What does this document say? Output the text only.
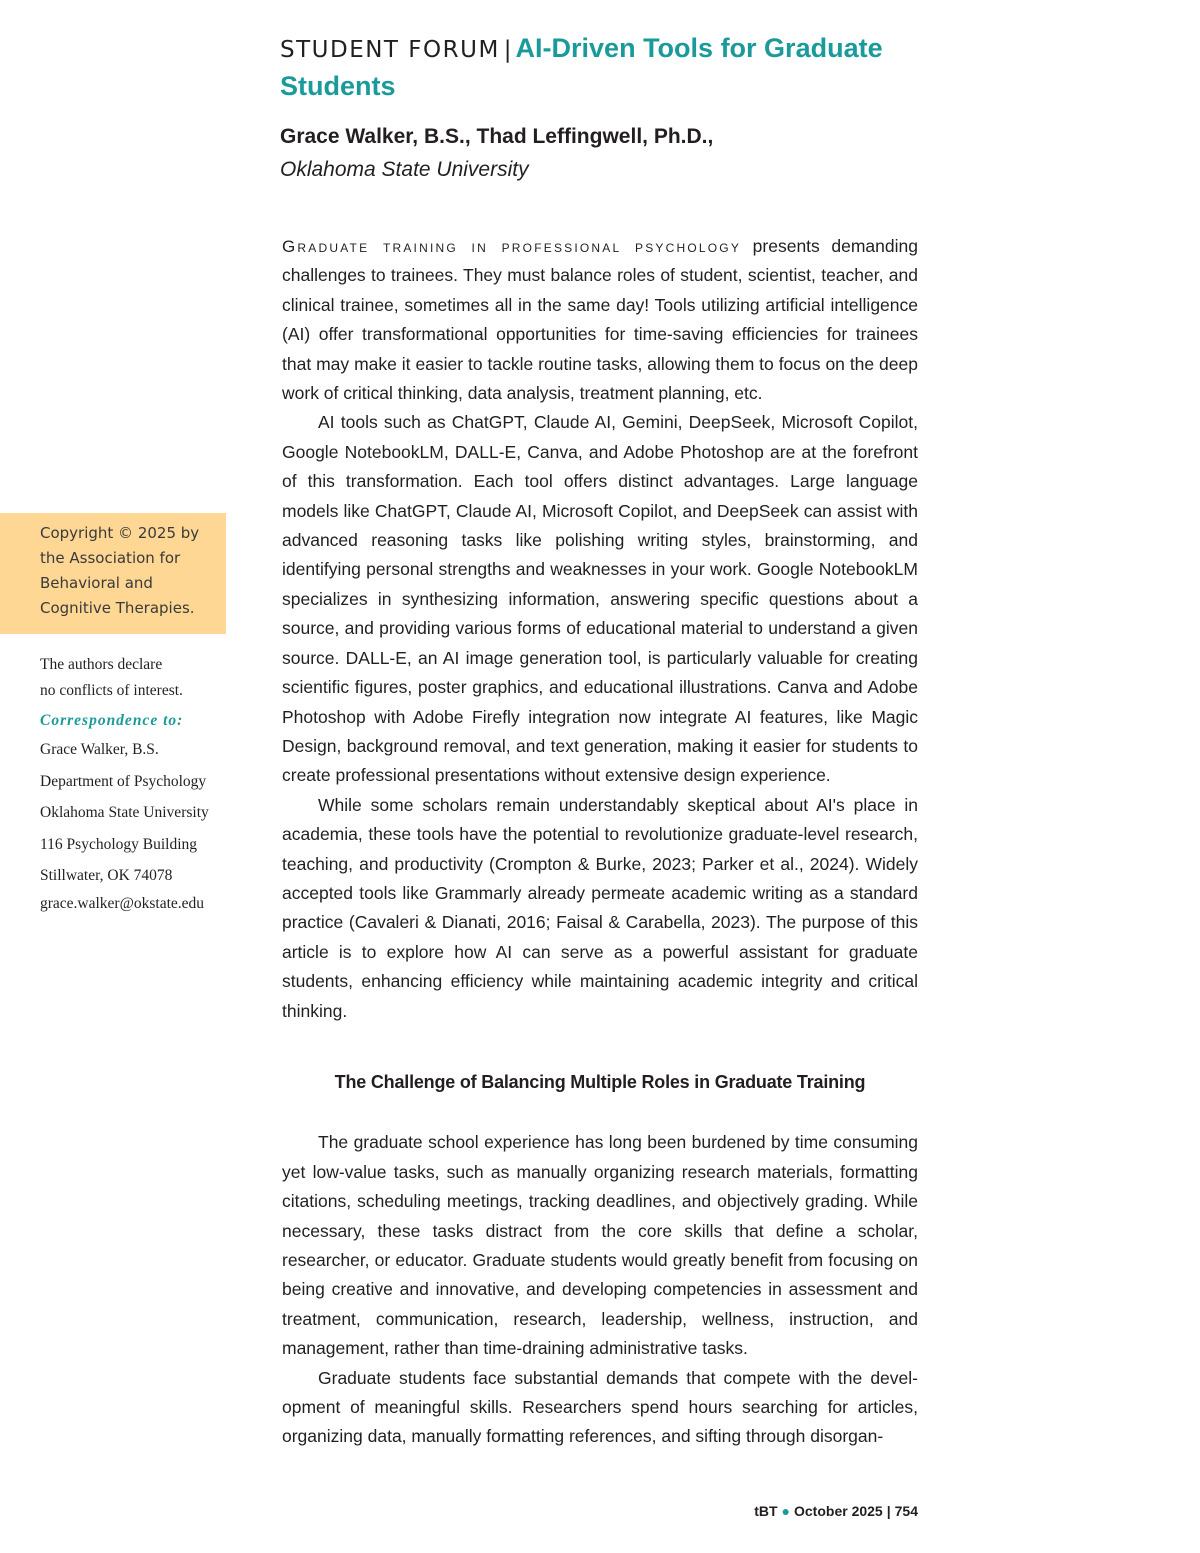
STUDENT FORUM | AI-Driven Tools for Graduate
Students

Grace Walker, B.S., Thad Leffingwell, Ph.D.,

Oklahoma State University

Copyright © 2025 by

the Association for

Behavioral and

Cognitive Therapies.

The authors declare
no conflicts of interest.

Correspondence to:

Grace Walker, B.S.
Department of Psychology
Oklahoma State University
116 Psychology Building
Stillwater, OK 74078
grace.walker@okstate.edu

Graduate training in professional psychology presents demanding challenges to trainees. They must balance roles of student, scientist, teacher, and clinical trainee, sometimes all in the same day! Tools utilizing artificial intelligence (AI) offer transformational opportunities for time-saving efficiencies for trainees that may make it easier to tackle routine tasks, allowing them to focus on the deep work of critical thinking, data analysis, treatment planning, etc.

AI tools such as ChatGPT, Claude AI, Gemini, DeepSeek, Microsoft Copilot, Google NotebookLM, DALL-E, Canva, and Adobe Photoshop are at the forefront of this transformation. Each tool offers distinct advantages. Large language models like ChatGPT, Claude AI, Microsoft Copilot, and DeepSeek can assist with advanced reasoning tasks like polishing writing styles, brainstorming, and identifying personal strengths and weaknesses in your work. Google NotebookLM specializes in synthesizing information, answering specific questions about a source, and providing various forms of educational material to understand a given source. DALL-E, an AI image generation tool, is particularly valuable for creating scientific figures, poster graphics, and educational illustrations. Canva and Adobe Photoshop with Adobe Firefly integration now integrate AI features, like Magic Design, background removal, and text generation, making it easier for students to create professional presentations without extensive design experience.

While some scholars remain understandably skeptical about AI's place in academia, these tools have the potential to revolutionize graduate-level research, teaching, and productivity (Crompton & Burke, 2023; Parker et al., 2024). Widely accepted tools like Grammarly already permeate academic writing as a standard practice (Cavaleri & Dianati, 2016; Faisal & Carabella, 2023). The purpose of this article is to explore how AI can serve as a powerful assistant for graduate students, enhancing efficiency while maintaining academic integrity and critical thinking.

The Challenge of Balancing Multiple Roles in Graduate Training

The graduate school experience has long been burdened by time consuming yet low-value tasks, such as manually organizing research materials, formatting citations, scheduling meetings, tracking deadlines, and objectively grading. While necessary, these tasks distract from the core skills that define a scholar, researcher, or educator. Graduate students would greatly benefit from focusing on being creative and innovative, and developing competencies in assessment and treatment, communication, research, leadership, wellness, instruction, and management, rather than time-draining administrative tasks.

Graduate students face substantial demands that compete with the development of meaningful skills. Researchers spend hours searching for articles, organizing data, manually formatting references, and sifting through disorgan-

tBT ● October 2025 | 754
